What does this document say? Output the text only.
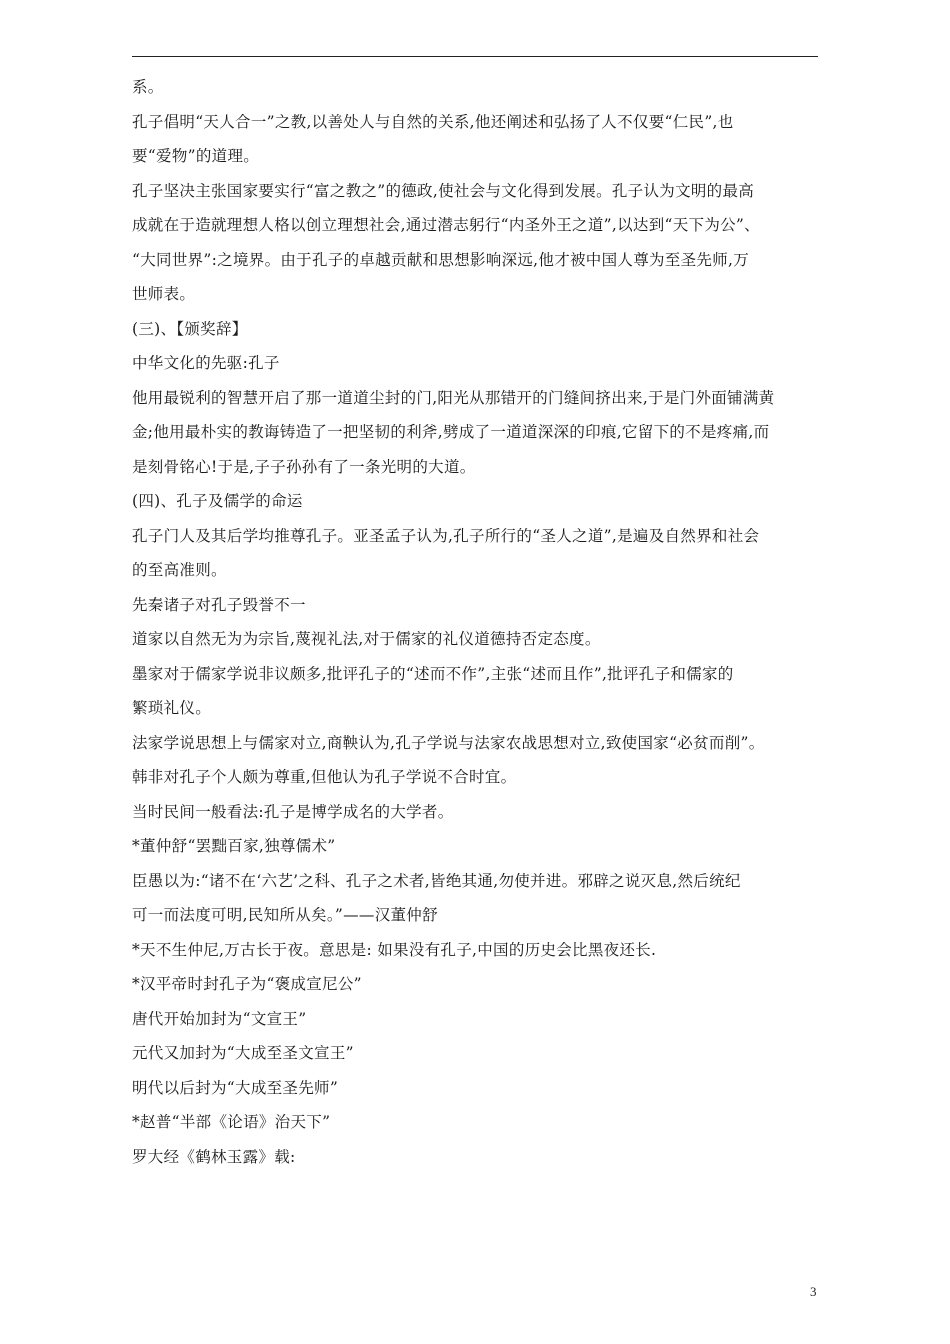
系。
孔子倡明“天人合一”之教,以善处人与自然的关系,他还阐述和弘扬了人不仅要“仁民”,也
要“爱物”的道理。
孔子坚决主张国家要实行“富之教之”的德政,使社会与文化得到发展。孔子认为文明的最高
成就在于造就理想人格以创立理想社会,通过潜志躬行“内圣外王之道”,以达到“天下为公”、
“大同世界”:之境界。由于孔子的卓越贡献和思想影响深远,他才被中国人尊为至圣先师,万
世师表。
(三)、【颁奖辞】
中华文化的先驱:孔子
他用最锐利的智慧开启了那一道道尘封的门,阳光从那错开的门缝间挤出来,于是门外面铺满黄
金;他用最朴实的教诲铸造了一把坚韧的利斧,劈成了一道道深深的印痕,它留下的不是疼痛,而
是刻骨铭心!于是,子子孙孙有了一条光明的大道。
(四)、孔子及儒学的命运
孔子门人及其后学均推尊孔子。亚圣孟子认为,孔子所行的“圣人之道”,是遍及自然界和社会
的至高准则。
先秦诸子对孔子毁誉不一
道家以自然无为为宗旨,蔑视礼法,对于儒家的礼仪道德持否定态度。
墨家对于儒家学说非议颇多,批评孔子的“述而不作”,主张“述而且作”,批评孔子和儒家的
繁琐礼仪。
法家学说思想上与儒家对立,商鞅认为,孔子学说与法家农战思想对立,致使国家“必贫而削”。
韩非对孔子个人颇为尊重,但他认为孔子学说不合时宜。
当时民间一般看法:孔子是博学成名的大学者。
*董仲舒“罢黜百家,独尊儒术”
臣愚以为:“诸不在‘六艺’之科、孔子之术者,皆绝其通,勿使并进。邪辟之说灭息,然后统纪
可一而法度可明,民知所从矣。”——汉董仲舒
*天不生仲尼,万古长于夜。意思是: 如果没有孔子,中国的历史会比黑夜还长.
*汉平帝时封孔子为“褒成宣尼公”
唐代开始加封为“文宣王”
元代又加封为“大成至圣文宣王”
明代以后封为“大成至圣先师”
*赵普“半部《论语》治天下”
罗大经《鹤林玉露》载:
3
